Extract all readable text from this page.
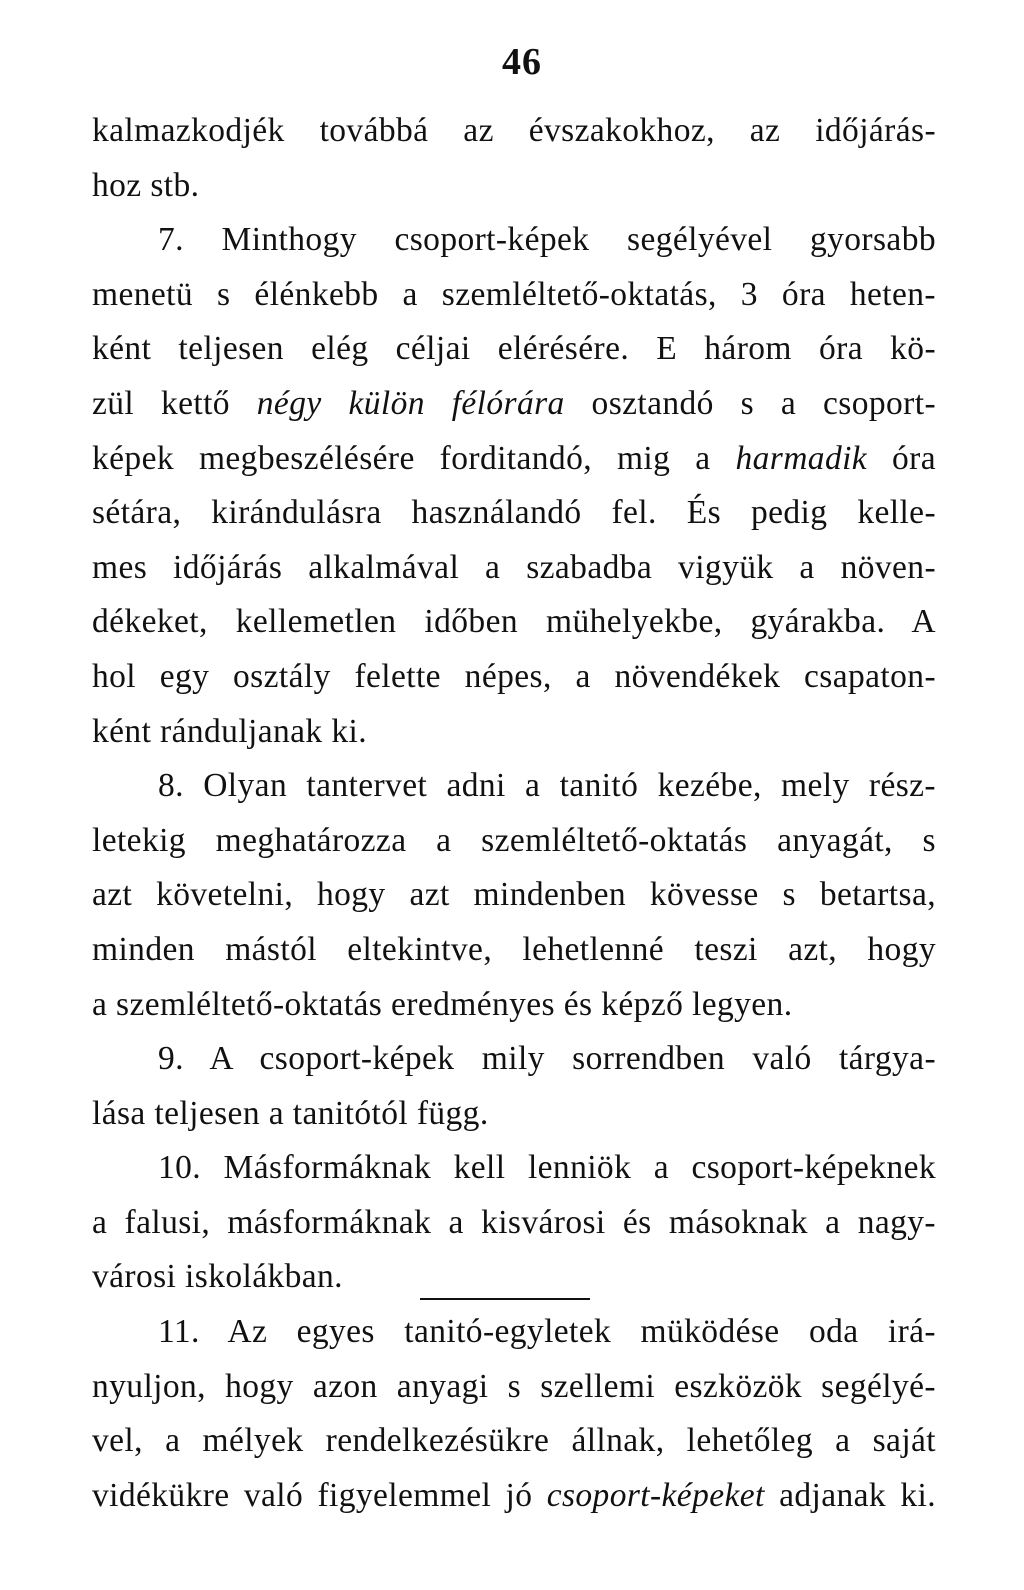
46
kalmazkodjék továbbá az évszakokhoz, az időjárás-
hoz stb.
7. Minthogy csoport-képek segélyével gyorsabb
menetü s élénkebb a szemléltető-oktatás, 3 óra heten-
ként teljesen elég céljai elérésére. E három óra kö-
zül kettő négy külön félórára osztandó s a csoport-
képek megbeszélésére forditandó, mig a harmadik óra
sétára, kirándulásra használandó fel. És pedig kelle-
mes időjárás alkalmával a szabadba vigyük a növen-
dékeket, kellemetlen időben mühelyekbe, gyárakba. A
hol egy osztály felette népes, a növendékek csapaton-
ként ránduljanak ki.
8. Olyan tantervet adni a tanitó kezébe, mely rész-
letekig meghatározza a szemléltető-oktatás anyagát, s
azt követelni, hogy azt mindenben kövesse s betartsa,
minden mástól eltekintve, lehetlenné teszi azt, hogy
a szemléltető-oktatás eredményes és képző legyen.
9. A csoport-képek mily sorrendben való tárgya-
lása teljesen a tanitótól függ.
10. Másformáknak kell lenniök a csoport-képeknek
a falusi, másformáknak a kisvárosi és másoknak a nagy-
városi iskolákban.
11. Az egyes tanitó-egyletek müködése oda irá-
nyuljon, hogy azon anyagi s szellemi eszközök segélyé-
vel, a mélyek rendelkezésükre állnak, lehetőleg a saját
vidékükre való figyelemmel jó csoport-képeket adjanak ki.
